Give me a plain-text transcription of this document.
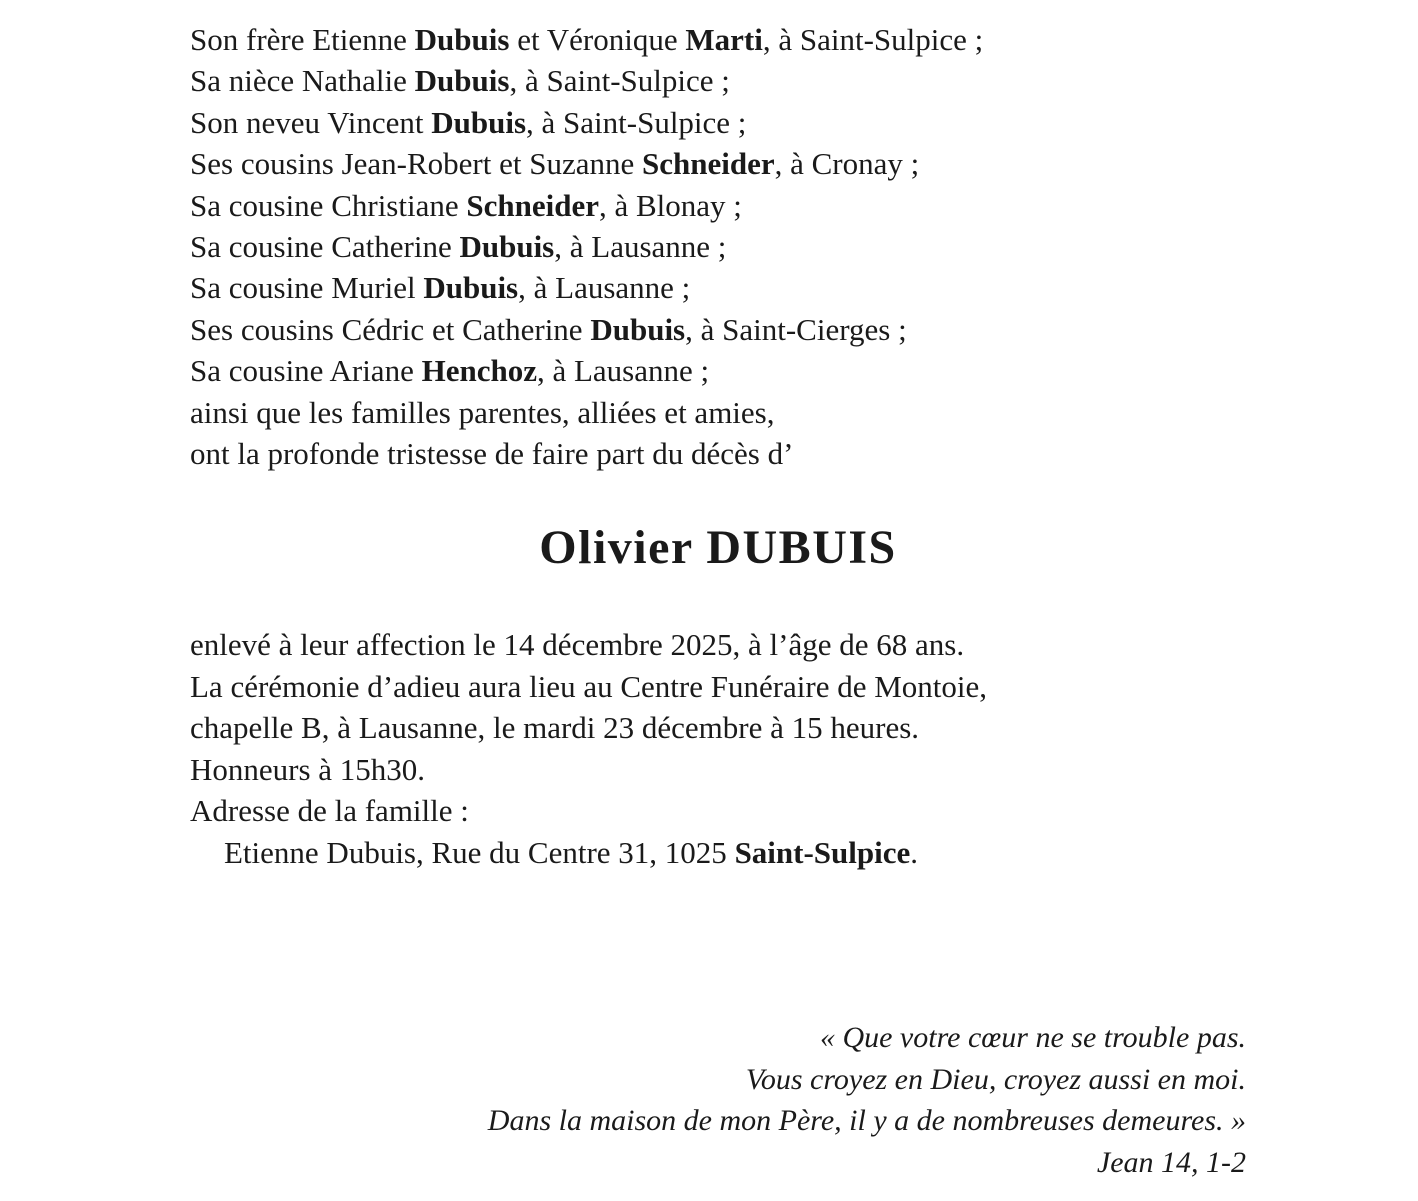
Son frère Etienne Dubuis et Véronique Marti, à Saint-Sulpice ;

Sa nièce Nathalie Dubuis, à Saint-Sulpice ;

Son neveu Vincent Dubuis, à Saint-Sulpice ;

Ses cousins Jean-Robert et Suzanne Schneider, à Cronay ;

Sa cousine Christiane Schneider, à Blonay ;

Sa cousine Catherine Dubuis, à Lausanne ;

Sa cousine Muriel Dubuis, à Lausanne ;

Ses cousins Cédric et Catherine Dubuis, à Saint-Cierges ;

Sa cousine Ariane Henchoz, à Lausanne ;

ainsi que les familles parentes, alliées et amies,

ont la profonde tristesse de faire part du décès d’

Olivier DUBUIS

enlevé à leur affection le 14 décembre 2025, à l’âge de 68 ans.

La cérémonie d’adieu aura lieu au Centre Funéraire de Montoie,

chapelle B, à Lausanne, le mardi 23 décembre à 15 heures.

Honneurs à 15h30.

Adresse de la famille :

Etienne Dubuis, Rue du Centre 31, 1025 Saint-Sulpice.

« Que votre cœur ne se trouble pas.

Vous croyez en Dieu, croyez aussi en moi.

Dans la maison de mon Père, il y a de nombreuses demeures. »

Jean 14, 1-2
